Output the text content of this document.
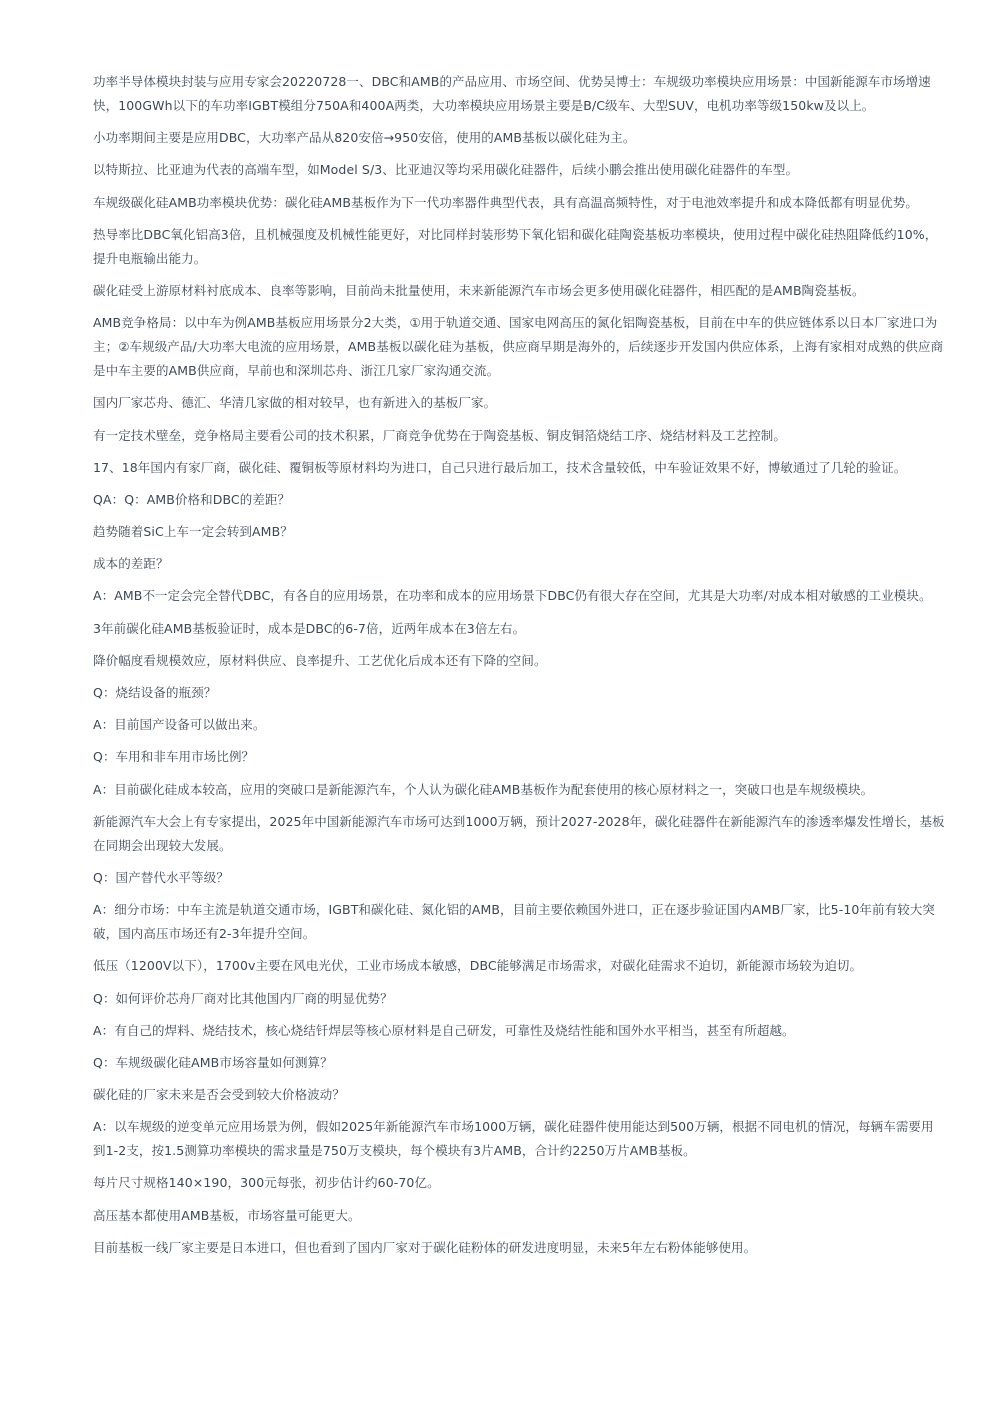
功率半导体模块封装与应用专家会20220728一、DBC和AMB的产品应用、市场空间、优势吴博士：车规级功率模块应用场景：中国新能源车市场增速快，100GWh以下的车功率IGBT模组分750A和400A两类，大功率模块应用场景主要是B/C级车、大型SUV，电机功率等级150kw及以上。

小功率期间主要是应用DBC，大功率产品从820安倍→950安倍，使用的AMB基板以碳化硅为主。

以特斯拉、比亚迪为代表的高端车型，如Model S/3、比亚迪汉等均采用碳化硅器件，后续小鹏会推出使用碳化硅器件的车型。

车规级碳化硅AMB功率模块优势：碳化硅AMB基板作为下一代功率器件典型代表，具有高温高频特性，对于电池效率提升和成本降低都有明显优势。

热导率比DBC氧化铝高3倍，且机械强度及机械性能更好，对比同样封装形势下氧化铝和碳化硅陶瓷基板功率模块，使用过程中碳化硅热阻降低约10%，提升电瓶输出能力。

碳化硅受上游原材料衬底成本、良率等影响，目前尚未批量使用，未来新能源汽车市场会更多使用碳化硅器件，相匹配的是AMB陶瓷基板。

AMB竞争格局：以中车为例AMB基板应用场景分2大类，①用于轨道交通、国家电网高压的氮化铝陶瓷基板，目前在中车的供应链体系以日本厂家进口为主；②车规级产品/大功率大电流的应用场景，AMB基板以碳化硅为基板，供应商早期是海外的，后续逐步开发国内供应体系，上海有家相对成熟的供应商是中车主要的AMB供应商，早前也和深圳芯舟、浙江几家厂家沟通交流。

国内厂家芯舟、德汇、华清几家做的相对较早，也有新进入的基板厂家。

有一定技术壁垒，竞争格局主要看公司的技术积累，厂商竞争优势在于陶瓷基板、铜皮铜箔烧结工序、烧结材料及工艺控制。

17、18年国内有家厂商，碳化硅、覆铜板等原材料均为进口，自己只进行最后加工，技术含量较低，中车验证效果不好，博敏通过了几轮的验证。

QA：Q：AMB价格和DBC的差距？

趋势随着SiC上车一定会转到AMB？

成本的差距？

A：AMB不一定会完全替代DBC，有各自的应用场景，在功率和成本的应用场景下DBC仍有很大存在空间，尤其是大功率/对成本相对敏感的工业模块。

3年前碳化硅AMB基板验证时，成本是DBC的6-7倍，近两年成本在3倍左右。

降价幅度看规模效应，原材料供应、良率提升、工艺优化后成本还有下降的空间。

Q：烧结设备的瓶颈？

A：目前国产设备可以做出来。

Q：车用和非车用市场比例？

A：目前碳化硅成本较高，应用的突破口是新能源汽车，个人认为碳化硅AMB基板作为配套使用的核心原材料之一，突破口也是车规级模块。

新能源汽车大会上有专家提出，2025年中国新能源汽车市场可达到1000万辆，预计2027-2028年，碳化硅器件在新能源汽车的渗透率爆发性增长，基板在同期会出现较大发展。

Q：国产替代水平等级？

A：细分市场：中车主流是轨道交通市场，IGBT和碳化硅、氮化铝的AMB，目前主要依赖国外进口，正在逐步验证国内AMB厂家，比5-10年前有较大突破，国内高压市场还有2-3年提升空间。

低压（1200V以下），1700v主要在风电光伏，工业市场成本敏感，DBC能够满足市场需求，对碳化硅需求不迫切，新能源市场较为迫切。

Q：如何评价芯舟厂商对比其他国内厂商的明显优势？

A：有自己的焊料、烧结技术，核心烧结钎焊层等核心原材料是自己研发，可靠性及烧结性能和国外水平相当，甚至有所超越。

Q：车规级碳化硅AMB市场容量如何测算？

碳化硅的厂家未来是否会受到较大价格波动？

A：以车规级的逆变单元应用场景为例，假如2025年新能源汽车市场1000万辆，碳化硅器件使用能达到500万辆，根据不同电机的情况，每辆车需要用到1-2支，按1.5测算功率模块的需求量是750万支模块，每个模块有3片AMB，合计约2250万片AMB基板。

每片尺寸规格140×190，300元每张，初步估计约60-70亿。

高压基本都使用AMB基板，市场容量可能更大。

目前基板一线厂家主要是日本进口，但也看到了国内厂家对于碳化硅粉体的研发进度明显，未来5年左右粉体能够使用。
